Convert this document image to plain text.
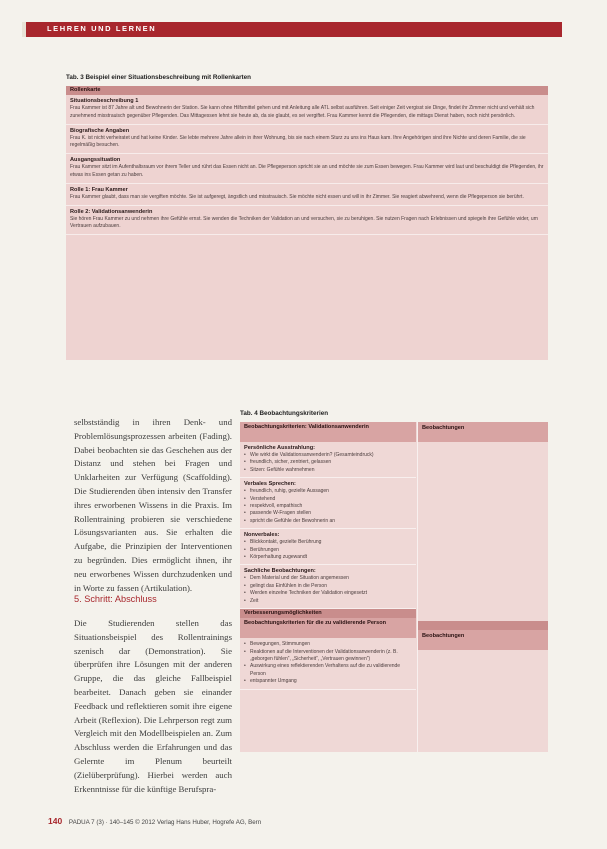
LEHREN UND LERNEN
Tab. 3 Beispiel einer Situationsbeschreibung mit Rollenkarten
Rollenkarte
Situationsbeschreibung 1
Frau Kammer ist 87 Jahre alt und Bewohnerin der Station. Sie kann ohne Hilfsmittel gehen und mit Anleitung alle ATL selbst ausführen. Seit einiger Zeit vergisst sie Dinge, findet ihr Zimmer nicht und verhält sich zunehmend misstrauisch gegenüber Pflegenden. Das Mittagessen lehnt sie heute ab, da sie glaubt, es sei vergiftet. Frau Kammer kennt die Pflegenden, die mittags Dienst haben, noch nicht persönlich.
Biografische Angaben
Frau K. ist nicht verheiratet und hat keine Kinder. Sie lebte mehrere Jahre allein in ihrer Wohnung, bis sie nach einem Sturz zu uns ins Haus kam. Ihre Angehörigen sind ihre Nichte und deren Familie, die sie regelmäßig besuchen.
Ausgangssituation
Frau Kammer sitzt im Aufenthaltsraum vor ihrem Teller und rührt das Essen nicht an. Die Pflegeperson spricht sie an und möchte sie zum Essen bewegen. Frau Kammer wird laut und beschuldigt die Pflegenden, ihr etwas ins Essen getan zu haben.
Rolle 1: Frau Kammer
Frau Kammer glaubt, dass man sie vergiften möchte. Sie ist aufgeregt, ängstlich und misstrauisch. Sie möchte nicht essen und will in ihr Zimmer. Sie reagiert abwehrend, wenn die Pflegeperson sie berührt.
Rolle 2: Validationsanwenderin
Sie hören Frau Kammer zu und nehmen ihre Gefühle ernst. Sie wenden die Techniken der Validation an und versuchen, sie zu beruhigen. Sie nutzen Fragen nach Erlebnissen und spiegeln ihre Gefühle wider, um Vertrauen aufzubauen.
selbstständig in ihren Denk- und Problemlösungsprozessen arbeiten (Fading). Dabei beobachten sie das Geschehen aus der Distanz und stehen bei Fragen und Unklarheiten zur Verfügung (Scaffolding). Die Studierenden üben intensiv den Transfer ihres erworbenen Wissens in die Praxis. Im Rollentraining probieren sie verschiedene Lösungsvarianten aus. Sie erhalten die Aufgabe, die Prinzipien der Interventionen zu begründen. Dies ermöglicht ihnen, ihr neu erworbenes Wissen durchzudenken und in Worte zu fassen (Artikulation).
5. Schritt: Abschluss
Die Studierenden stellen das Situationsbeispiel des Rollentrainings szenisch dar (Demonstration). Sie überprüfen ihre Lösungen mit der anderen Gruppe, die das gleiche Fallbeispiel bearbeitet. Danach geben sie einander Feedback und reflektieren somit ihre eigene Arbeit (Reflexion). Die Lehrperson regt zum Vergleich mit den Modellbeispielen an. Zum Abschluss werden die Erfahrungen und das Gelernte im Plenum beurteilt (Zielüberprüfung). Hierbei werden auch Erkenntnisse für die künftige Berufspra-
Tab. 4 Beobachtungskriterien
Beobachtungskriterien: Validationsanwenderin
Persönliche Ausstrahlung:
• Wie wirkt die Validationsanwenderin? (Gesamteindruck)
• freundlich, sicher, zentriert, gelassen
• Sitzen: Gefühle wahrnehmen
Verbales Sprechen:
• freundlich, ruhig, gezielte Aussagen
• Verstehend
• respektvoll, empathisch
• passende W-Fragen stellen
• spricht die Gefühle der Bewohnerin an
Nonverbales:
• Blickkontakt, gezielte Berührung
• Berührungen
• Körperhaltung zugewandt
Sachliche Beobachtungen:
• Dem Material und der Situation angemessen
• gelingt das Einfühlen in die Person
• Werden einzelne Techniken der Validation eingesetzt
• Zeit
Verbesserungsmöglichkeiten
Beobachtungskriterien für die zu validierende Person
• Bewegungen, Stimmungen
• Reaktionen auf die Interventionen der Validationsanwenderin (z. B. „geborgen fühlen“, „Sicherheit“, „Vertrauen gewinnen“)
• Auswirkung eines reflektierenden Verhaltens auf die zu validierende Person
• entspannter Umgang
Beobachtungen
Beobachtungen
140 PADUA 7 (3) · 140–145 © 2012 Verlag Hans Huber, Hogrefe AG, Bern
